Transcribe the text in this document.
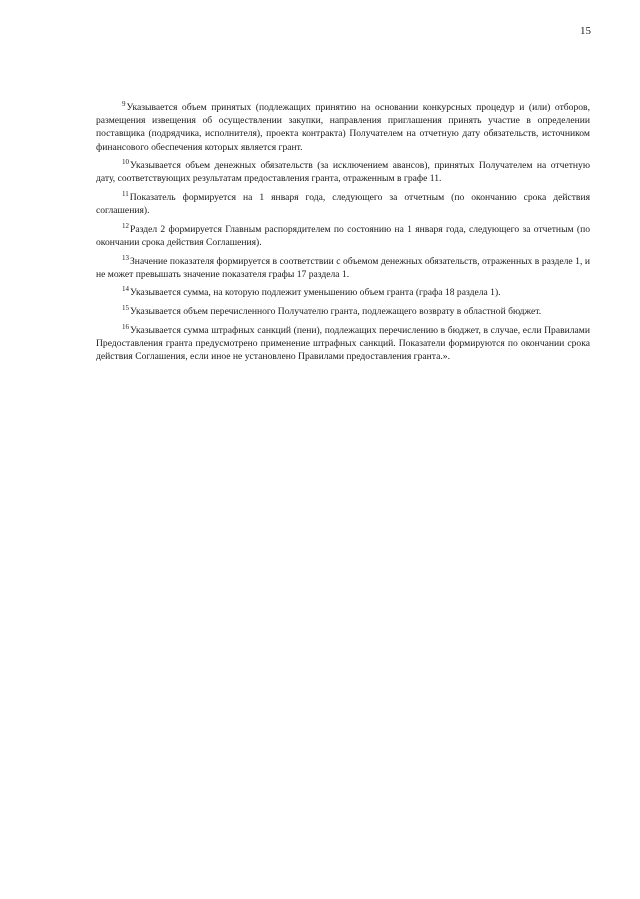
15

$^9$Указывается объем принятых (подлежащих принятию на основании конкурсных процедур и (или) отборов, размещения извещения об осуществлении закупки, направления приглашения принять участие в определении поставщика (подрядчика, исполнителя), проекта контракта) Получателем на отчетную дату обязательств, источником финансового обеспечения которых является грант.

$^{10}$Указывается объем денежных обязательств (за исключением авансов), принятых Получателем на отчетную дату, соответствующих результатам предоставления гранта, отраженным в графе 11.

$^{11}$Показатель формируется на 1 января года, следующего за отчетным (по окончанию срока действия соглашения).

$^{12}$Раздел 2 формируется Главным распорядителем по состоянию на 1 января года, следующего за отчетным (по окончании срока действия Соглашения).

$^{13}$Значение показателя формируется в соответствии с объемом денежных обязательств, отраженных в разделе 1, и не может превышать значение показателя графы 17 раздела 1.

$^{14}$Указывается сумма, на которую подлежит уменьшению объем гранта (графа 18 раздела 1).

$^{15}$Указывается объем перечисленного Получателю гранта, подлежащего возврату в областной бюджет.

$^{16}$Указывается сумма штрафных санкций (пени), подлежащих перечислению в бюджет, в случае, если Правилами Предоставления гранта предусмотрено применение штрафных санкций. Показатели формируются по окончании срока действия Соглашения, если иное не установлено Правилами предоставления гранта.».
